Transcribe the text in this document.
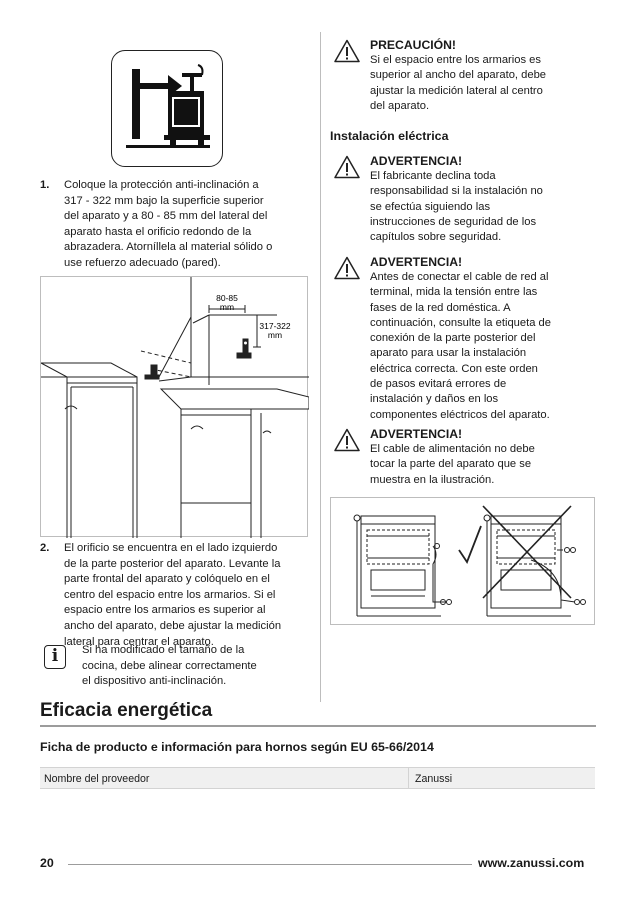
1. Coloque la protección anti-inclinación a
317 - 322 mm bajo la superficie superior
del aparato y a 80 - 85 mm del lateral del
aparato hasta el orificio redondo de la
abrazadera. Atorníllela al material sólido o
use refuerzo adecuado (pared).
80-85
mm
317-322
mm
2. El orificio se encuentra en el lado izquierdo
de la parte posterior del aparato. Levante la
parte frontal del aparato y colóquelo en el
centro del espacio entre los armarios. Si el
espacio entre los armarios es superior al
ancho del aparato, debe ajustar la medición
lateral para centrar el aparato.
i	Si ha modificado el tamaño de la
cocina, debe alinear correctamente
el dispositivo anti-inclinación.
PRECAUCIÓN!
Si el espacio entre los armarios es
superior al ancho del aparato, debe
ajustar la medición lateral al centro
del aparato.
Instalación eléctrica
ADVERTENCIA!
El fabricante declina toda
responsabilidad si la instalación no
se efectúa siguiendo las
instrucciones de seguridad de los
capítulos sobre seguridad.
ADVERTENCIA!
Antes de conectar el cable de red al
terminal, mida la tensión entre las
fases de la red doméstica. A
continuación, consulte la etiqueta de
conexión de la parte posterior del
aparato para usar la instalación
eléctrica correcta. Con este orden
de pasos evitará errores de
instalación y daños en los
componentes eléctricos del aparato.
ADVERTENCIA!
El cable de alimentación no debe
tocar la parte del aparato que se
muestra en la ilustración.
Eficacia energética
Ficha de producto e información para hornos según EU 65-66/2014
Nombre del proveedor	Zanussi
20	www.zanussi.com
